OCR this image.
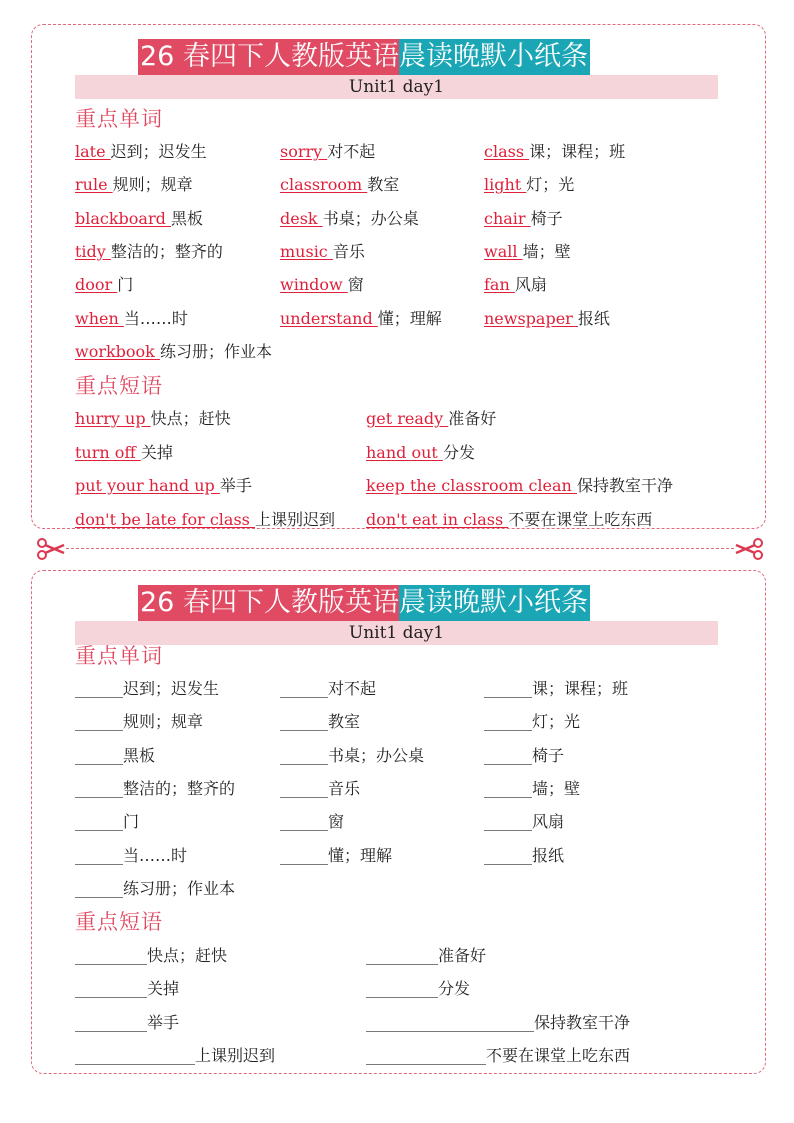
26 春四下人教版英语 晨读晚默小纸条
Unit1 day1
重点单词
late 迟到；迟发生	sorry 对不起	class 课；课程；班
rule 规则；规章	classroom 教室	light 灯；光
blackboard 黑板	desk 书桌；办公桌	chair 椅子
tidy 整洁的；整齐的	music 音乐	wall 墙；壁
door 门	window 窗	fan 风扇
when 当……时	understand 懂；理解	newspaper 报纸
workbook 练习册；作业本
重点短语
hurry up 快点；赶快	get ready 准备好
turn off 关掉	hand out 分发
put your hand up 举手	keep the classroom clean 保持教室干净
don't be late for class 上课别迟到 don't eat in class 不要在课堂上吃东西
26 春四下人教版英语 晨读晚默小纸条
Unit1 day1
重点单词
______迟到；迟发生	______对不起	______课；课程；班
______规则；规章	______教室	______灯；光
______黑板	______书桌；办公桌	______椅子
______整洁的；整齐的	______音乐	______墙；壁
______门	______窗	______风扇
______当……时	______懂；理解	______报纸
______练习册；作业本
重点短语
_________快点；赶快	_________准备好
_________关掉	_________分发
_________举手	_____________________保持教室干净
_______________上课别迟到	_______________不要在课堂上吃东西
